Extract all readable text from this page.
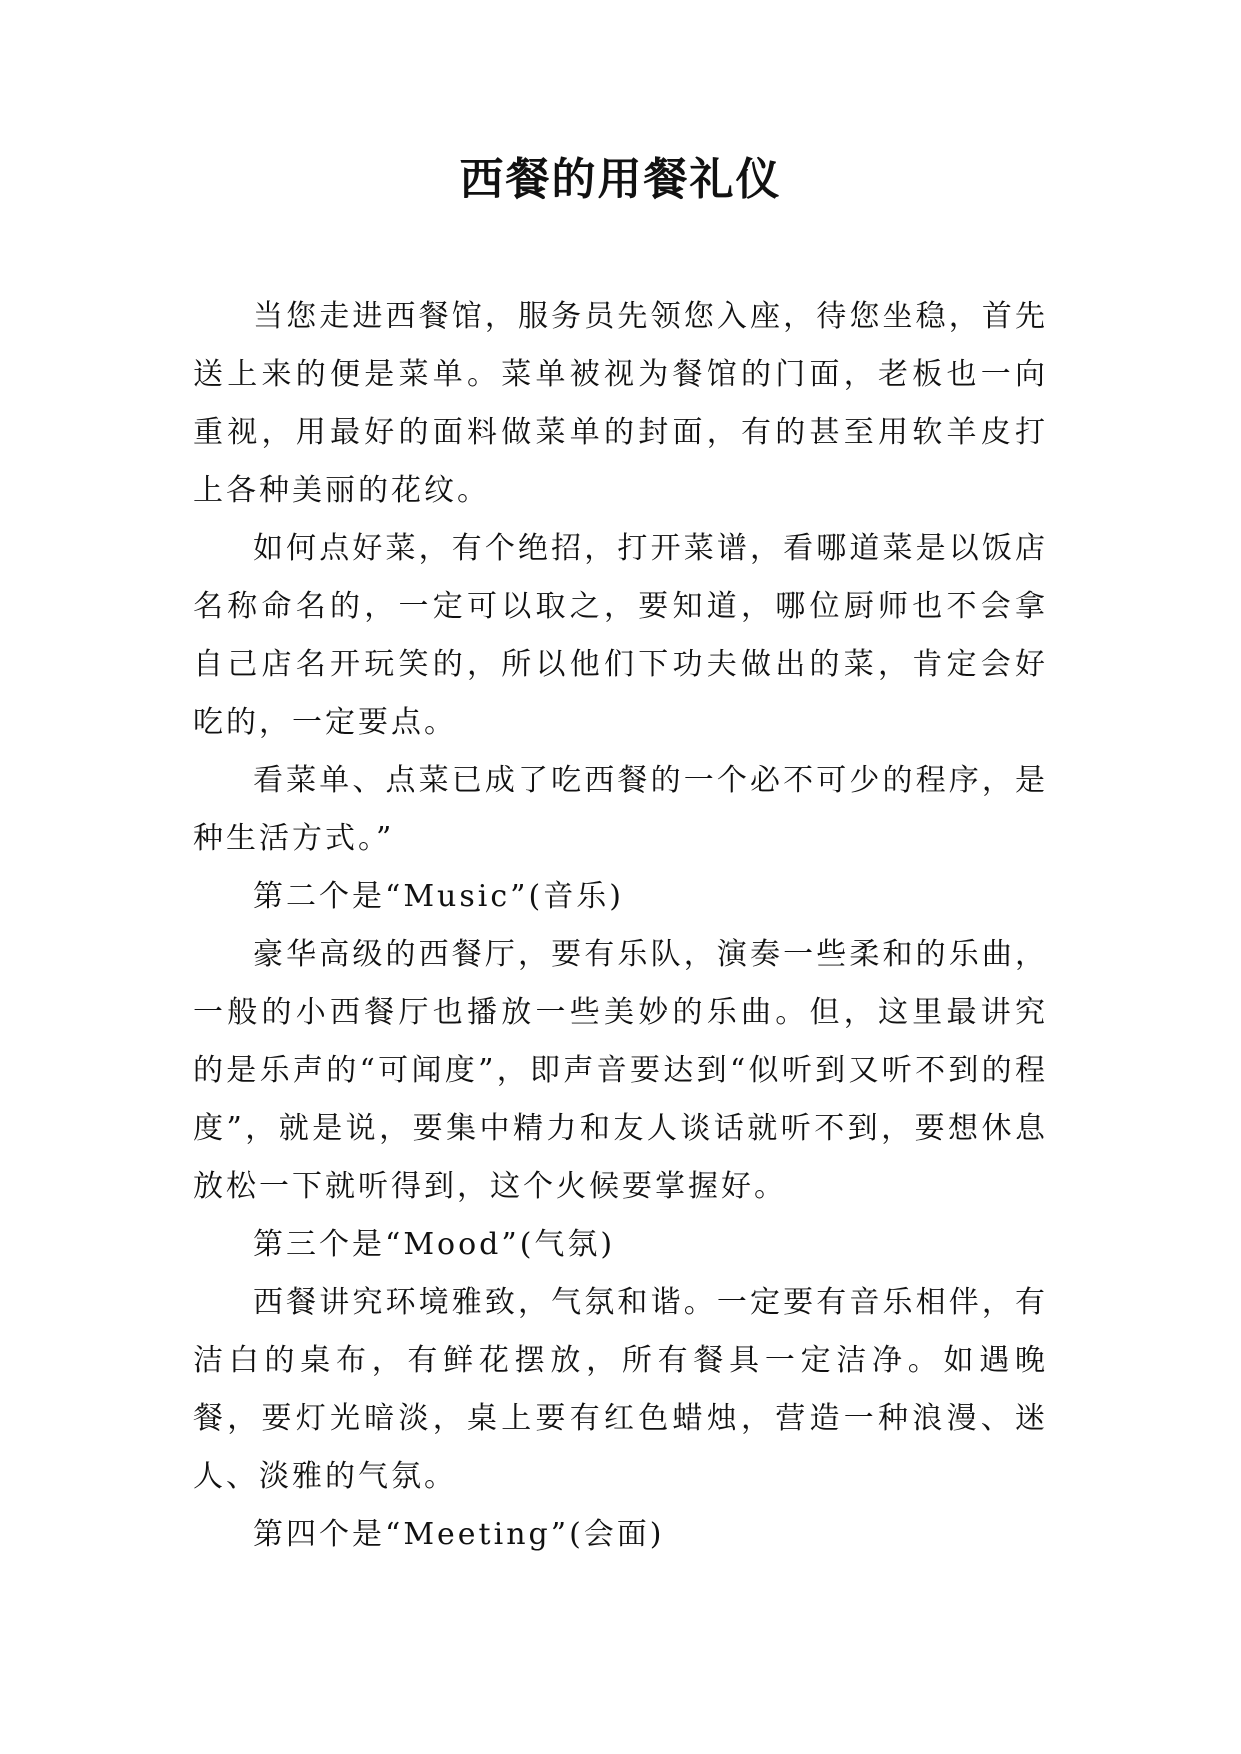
西餐的用餐礼仪

当您走进西餐馆，服务员先领您入座，待您坐稳，首先送上来的便是菜单。菜单被视为餐馆的门面，老板也一向重视，用最好的面料做菜单的封面，有的甚至用软羊皮打上各种美丽的花纹。

如何点好菜，有个绝招，打开菜谱，看哪道菜是以饭店名称命名的，一定可以取之，要知道，哪位厨师也不会拿自己店名开玩笑的，所以他们下功夫做出的菜，肯定会好吃的，一定要点。

看菜单、点菜已成了吃西餐的一个必不可少的程序，是种生活方式。”

第二个是“Music”(音乐)

豪华高级的西餐厅，要有乐队，演奏一些柔和的乐曲，一般的小西餐厅也播放一些美妙的乐曲。但，这里最讲究的是乐声的“可闻度”，即声音要达到“似听到又听不到的程度”，就是说，要集中精力和友人谈话就听不到，要想休息放松一下就听得到，这个火候要掌握好。

第三个是“Mood”(气氛)

西餐讲究环境雅致，气氛和谐。一定要有音乐相伴，有洁白的桌布，有鲜花摆放，所有餐具一定洁净。如遇晚餐，要灯光暗淡，桌上要有红色蜡烛，营造一种浪漫、迷人、淡雅的气氛。

第四个是“Meeting”(会面)
